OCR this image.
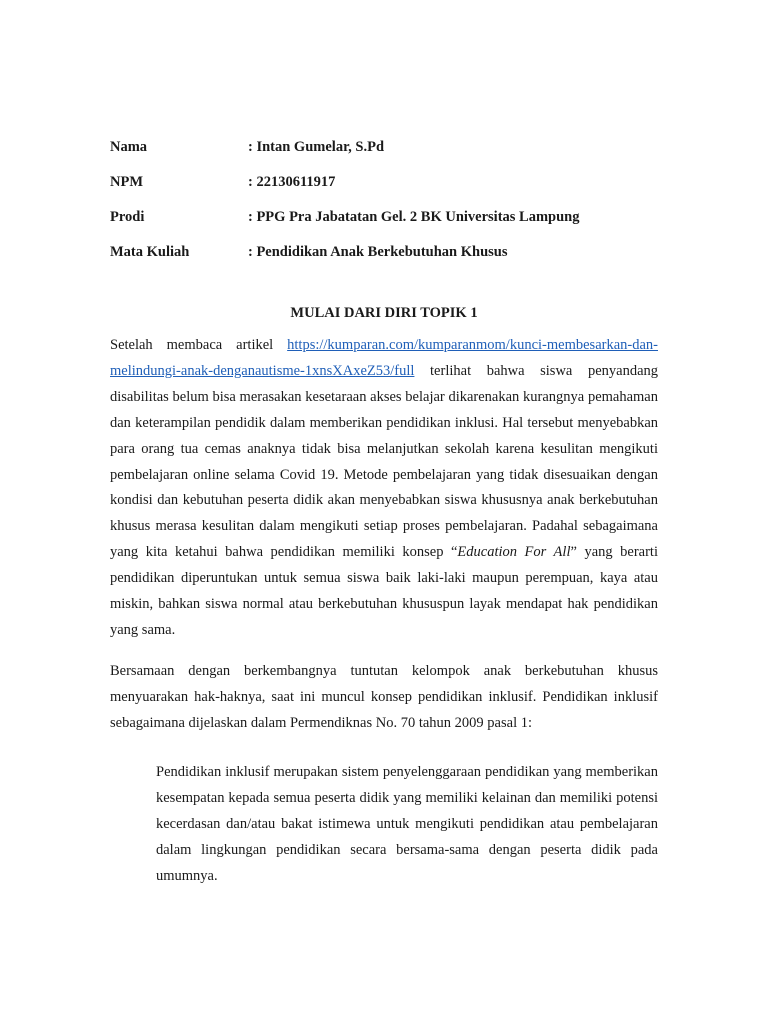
Nama	: Intan Gumelar, S.Pd
NPM	: 22130611917
Prodi	: PPG Pra Jabatatan Gel. 2 BK Universitas Lampung
Mata Kuliah	: Pendidikan Anak Berkebutuhan Khusus
MULAI DARI DIRI TOPIK 1

Setelah membaca artikel https://kumparan.com/kumparanmom/kunci-membesarkan-dan-melindungi-anak-denganautisme-1xnsXAxeZ53/full terlihat bahwa siswa penyandang disabilitas belum bisa merasakan kesetaraan akses belajar dikarenakan kurangnya pemahaman dan keterampilan pendidik dalam memberikan pendidikan inklusi. Hal tersebut menyebabkan para orang tua cemas anaknya tidak bisa melanjutkan sekolah karena kesulitan mengikuti pembelajaran online selama Covid 19. Metode pembelajaran yang tidak disesuaikan dengan kondisi dan kebutuhan peserta didik akan menyebabkan siswa khususnya anak berkebutuhan khusus merasa kesulitan dalam mengikuti setiap proses pembelajaran. Padahal sebagaimana yang kita ketahui bahwa pendidikan memiliki konsep “Education For All” yang berarti pendidikan diperuntukan untuk semua siswa baik laki-laki maupun perempuan, kaya atau miskin, bahkan siswa normal atau berkebutuhan khususpun layak mendapat hak pendidikan yang sama.

Bersamaan dengan berkembangnya tuntutan kelompok anak berkebutuhan khusus menyuarakan hak-haknya, saat ini muncul konsep pendidikan inklusif. Pendidikan inklusif sebagaimana dijelaskan dalam Permendiknas No. 70 tahun 2009 pasal 1:

Pendidikan inklusif merupakan sistem penyelenggaraan pendidikan yang memberikan kesempatan kepada semua peserta didik yang memiliki kelainan dan memiliki potensi kecerdasan dan/atau bakat istimewa untuk mengikuti pendidikan atau pembelajaran dalam lingkungan pendidikan secara bersama-sama dengan peserta didik pada umumnya.
